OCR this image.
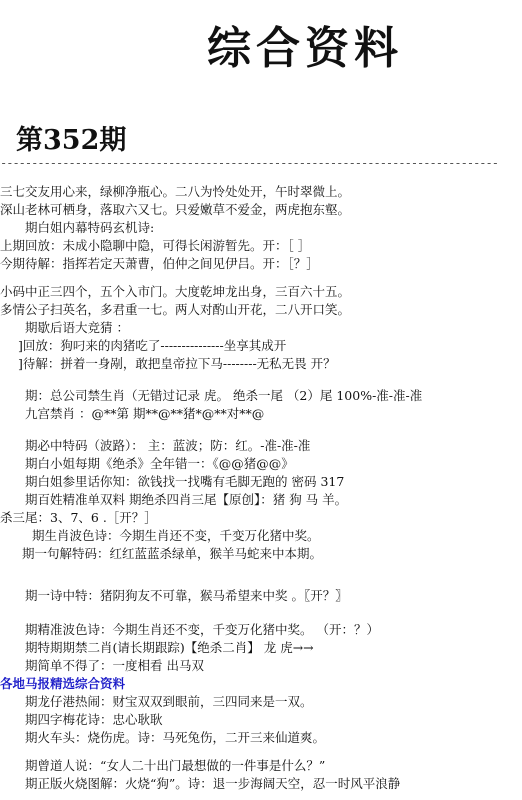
综合资料
第352期
--------------------------------------------------------------------------------
三七交友用心来，绿柳净瓶心。二八为怜处处开，午时翠微上。
深山老林可栖身，落取六又七。只爱嫩草不爱金，两虎抱东壑。
期白姐内幕特码玄机诗:
上期回放：未成小隐聊中隐，可得长闲游暂先。开：［ ］
今期待解：指挥若定天萧曹，伯仲之间见伊吕。开：［？］
小码中正三四个，五个入市门。大度乾坤龙出身，三百六十五。
多情公子扫英名，多君重一七。两人对酌山开花，二八开口笑。
期歇后语大竞猜 ：
]回放：狗叼来的肉猪吃了---------------坐享其成开
]待解：拼着一身剐，敢把皇帝拉下马--------无私无畏 开？
期：总公司禁生肖（无错过记录 虎。 绝杀一尾 （2）尾 100%-准-准-准
九宫禁肖 ：@**第 期**@**猪*@**对**@
期必中特码（波路）： 主：蓝波；防：红。-准-准-准
期白小姐每期《绝杀》全年错一：《@@猪@@》
期白姐参里话你知：欲钱找一找嘴有毛脚无跑的 密码 317
期百姓精准单双料 期绝杀四肖三尾【原创】：猪 狗 马 羊。
杀三尾：3、7、6 .［开？］
期生肖波色诗：今期生肖还不变，千变万化猪中奖。
期一句解特码：红红蓝蓝杀绿单，猴羊马蛇来中本期。
期一诗中特：猪阴狗友不可靠，猴马希望来中奖 。〖开？〗
期精准波色诗：今期生肖还不变，千变万化猪中奖。 （开：？）
期特期期禁二肖(请长期跟踪)【绝杀二肖】 龙 虎→→
期简单不得了：一度相看 出马双
各地马报精选综合资料
期龙仔港热闹：财宝双双到眼前，三四同来是一双。
期四字梅花诗：忠心耿耿
期火车头：烧伤虎。诗：马死兔伤，二开三来仙道爽。
期曾道人说：“女人二十出门最想做的一件事是什么？”
期正版火烧图解：火烧“狗”。诗：退一步海阔天空，忍一时风平浪静
